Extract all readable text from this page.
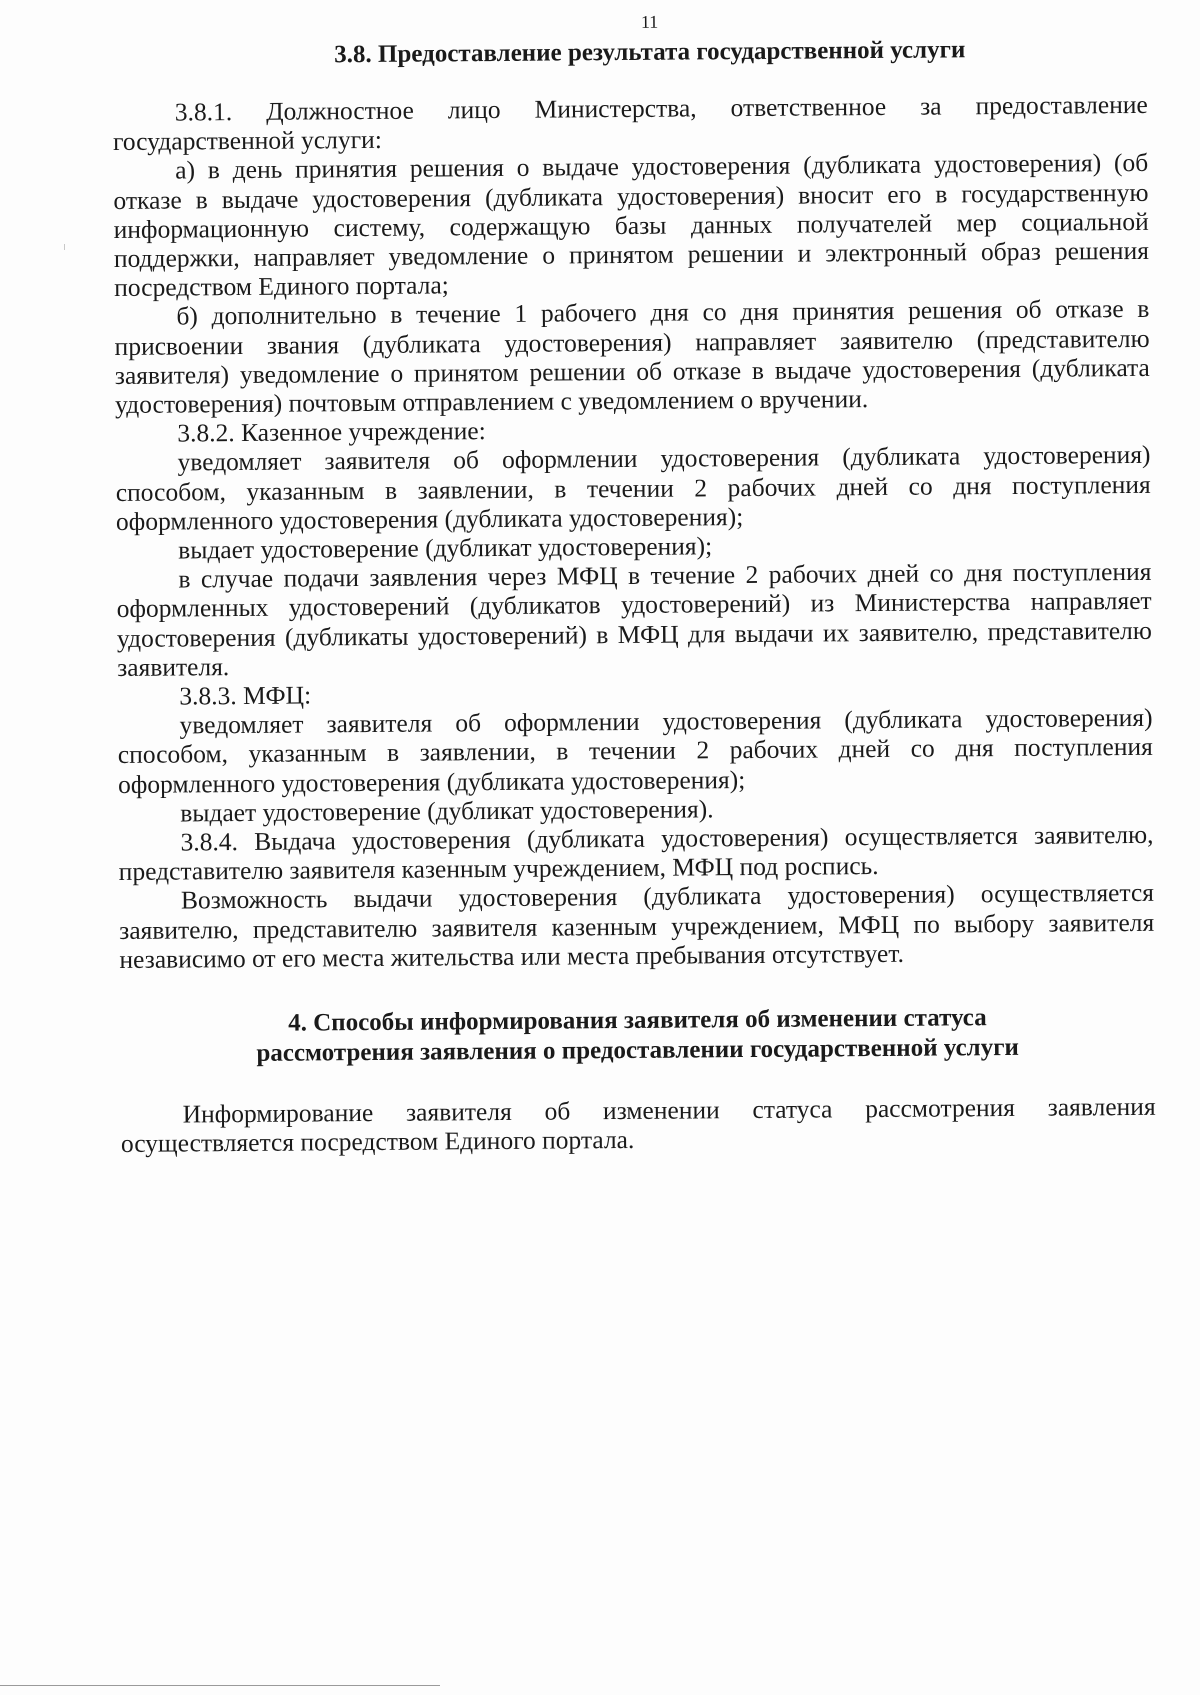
11
3.8. Предоставление результата государственной услуги

3.8.1. Должностное лицо Министерства, ответственное за предоставление государственной услуги:

а) в день принятия решения о выдаче удостоверения (дубликата удостоверения) (об отказе в выдаче удостоверения (дубликата удостоверения) вносит его в государственную информационную систему, содержащую базы данных получателей мер социальной поддержки, направляет уведомление о принятом решении и электронный образ решения посредством Единого портала;

б) дополнительно в течение 1 рабочего дня со дня принятия решения об отказе в присвоении звания (дубликата удостоверения) направляет заявителю (представителю заявителя) уведомление о принятом решении об отказе в выдаче удостоверения (дубликата удостоверения) почтовым отправлением с уведомлением о вручении.

3.8.2. Казенное учреждение:

уведомляет заявителя об оформлении удостоверения (дубликата удостоверения) способом, указанным в заявлении, в течении 2 рабочих дней со дня поступления оформленного удостоверения (дубликата удостоверения);

выдает удостоверение (дубликат удостоверения);

в случае подачи заявления через МФЦ в течение 2 рабочих дней со дня поступления оформленных удостоверений (дубликатов удостоверений) из Министерства направляет удостоверения (дубликаты удостоверений) в МФЦ для выдачи их заявителю, представителю заявителя.

3.8.3. МФЦ:

уведомляет заявителя об оформлении удостоверения (дубликата удостоверения) способом, указанным в заявлении, в течении 2 рабочих дней со дня поступления оформленного удостоверения (дубликата удостоверения);

выдает удостоверение (дубликат удостоверения).

3.8.4. Выдача удостоверения (дубликата удостоверения) осуществляется заявителю, представителю заявителя казенным учреждением, МФЦ под роспись.

Возможность выдачи удостоверения (дубликата удостоверения) осуществляется заявителю, представителю заявителя казенным учреждением, МФЦ по выбору заявителя независимо от его места жительства или места пребывания отсутствует.

4. Способы информирования заявителя об изменении статуса
рассмотрения заявления о предоставлении государственной услуги

Информирование заявителя об изменении статуса рассмотрения заявления осуществляется посредством Единого портала.
